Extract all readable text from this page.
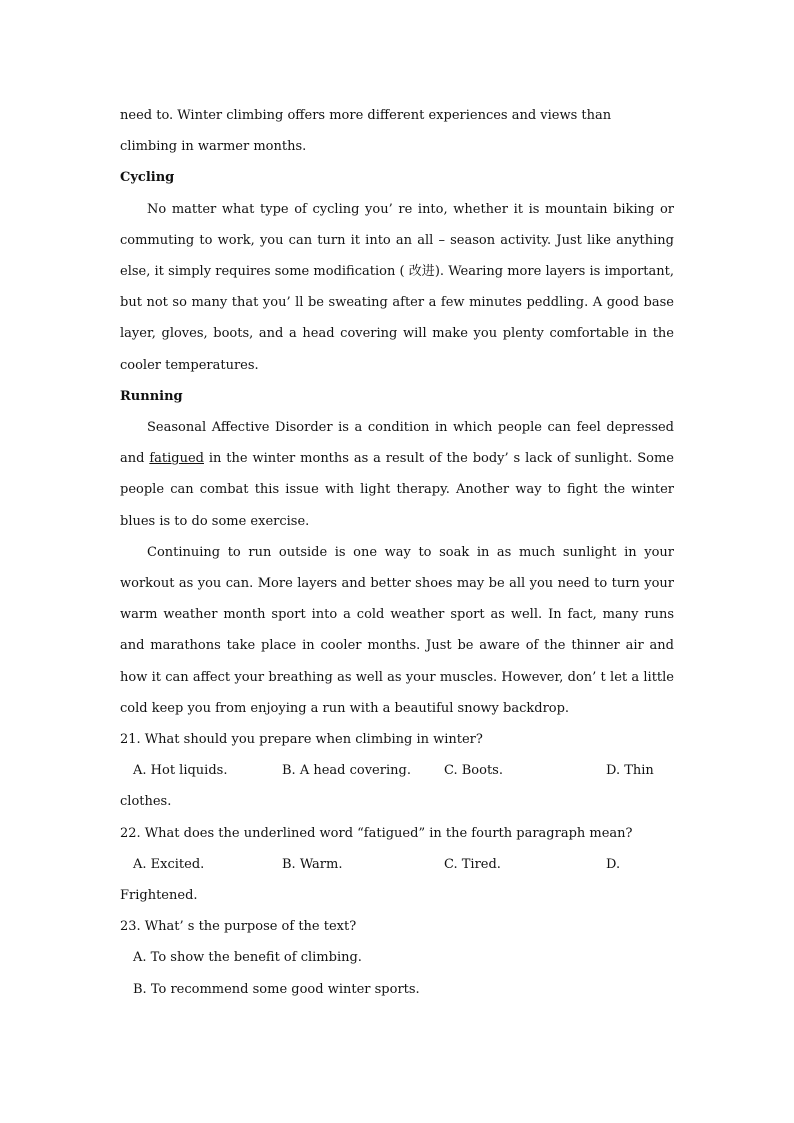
need to. Winter climbing offers more different experiences and views than
climbing in warmer months.

Cycling

No matter what type of cycling you’ re into, whether it is mountain biking or commuting to work, you can turn it into an all – season activity. Just like anything else, it simply requires some modification ( 改进). Wearing more layers is important, but not so many that you’ ll be sweating after a few minutes peddling. A good base layer, gloves, boots, and a head covering will make you plenty comfortable in the cooler temperatures.

Running

Seasonal Affective Disorder is a condition in which people can feel depressed and fatigued in the winter months as a result of the body’ s lack of sunlight. Some people can combat this issue with light therapy. Another way to fight the winter blues is to do some exercise.

Continuing to run outside is one way to soak in as much sunlight in your workout as you can. More layers and better shoes may be all you need to turn your warm weather month sport into a cold weather sport as well. In fact, many runs and marathons take place in cooler months. Just be aware of the thinner air and how it can affect your breathing as well as your muscles. However, don’ t let a little cold keep you from enjoying a run with a beautiful snowy backdrop.

21. What should you prepare when climbing in winter?

A. Hot liquids.	B. A head covering.	C. Boots.	D. Thin

clothes.

22. What does the underlined word “fatigued” in the fourth paragraph mean?

A. Excited.	B. Warm.	C. Tired.	D.

Frightened.

23. What’ s the purpose of the text?

A. To show the benefit of climbing.

B. To recommend some good winter sports.
